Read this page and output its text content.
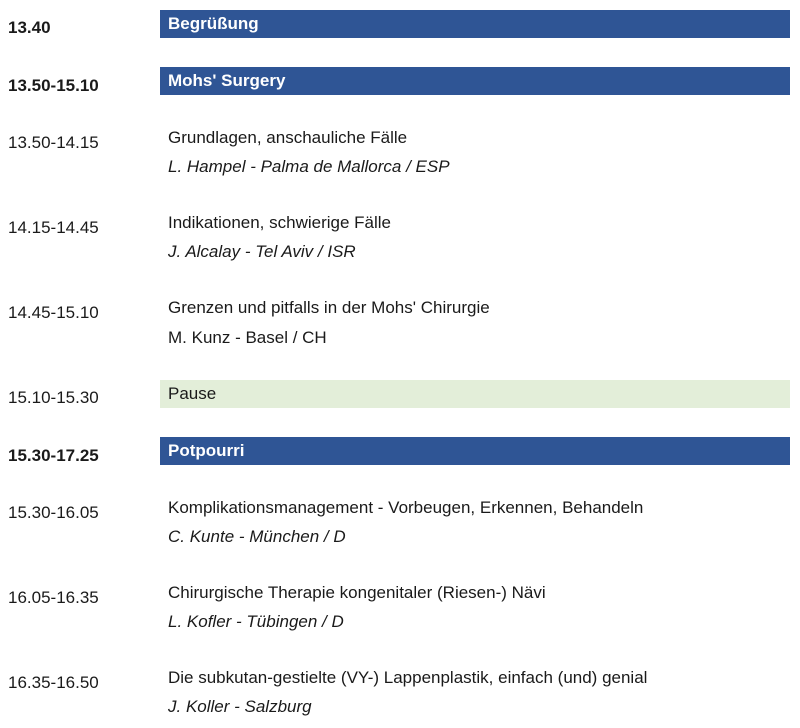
13.40	Begrüßung
13.50-15.10	Mohs' Surgery
13.50-14.15	Grundlagen, anschauliche Fälle
L. Hampel - Palma de Mallorca / ESP
14.15-14.45	Indikationen, schwierige Fälle
J. Alcalay - Tel Aviv / ISR
14.45-15.10	Grenzen und pitfalls in der Mohs' Chirurgie
M. Kunz - Basel / CH
15.10-15.30	Pause
15.30-17.25	Potpourri
15.30-16.05	Komplikationsmanagement - Vorbeugen, Erkennen, Behandeln
C. Kunte - München / D
16.05-16.35	Chirurgische Therapie kongenitaler (Riesen-) Nävi
L. Kofler - Tübingen / D
16.35-16.50	Die subkutan-gestielte (VY-) Lappenplastik, einfach (und) genial
J. Koller - Salzburg
